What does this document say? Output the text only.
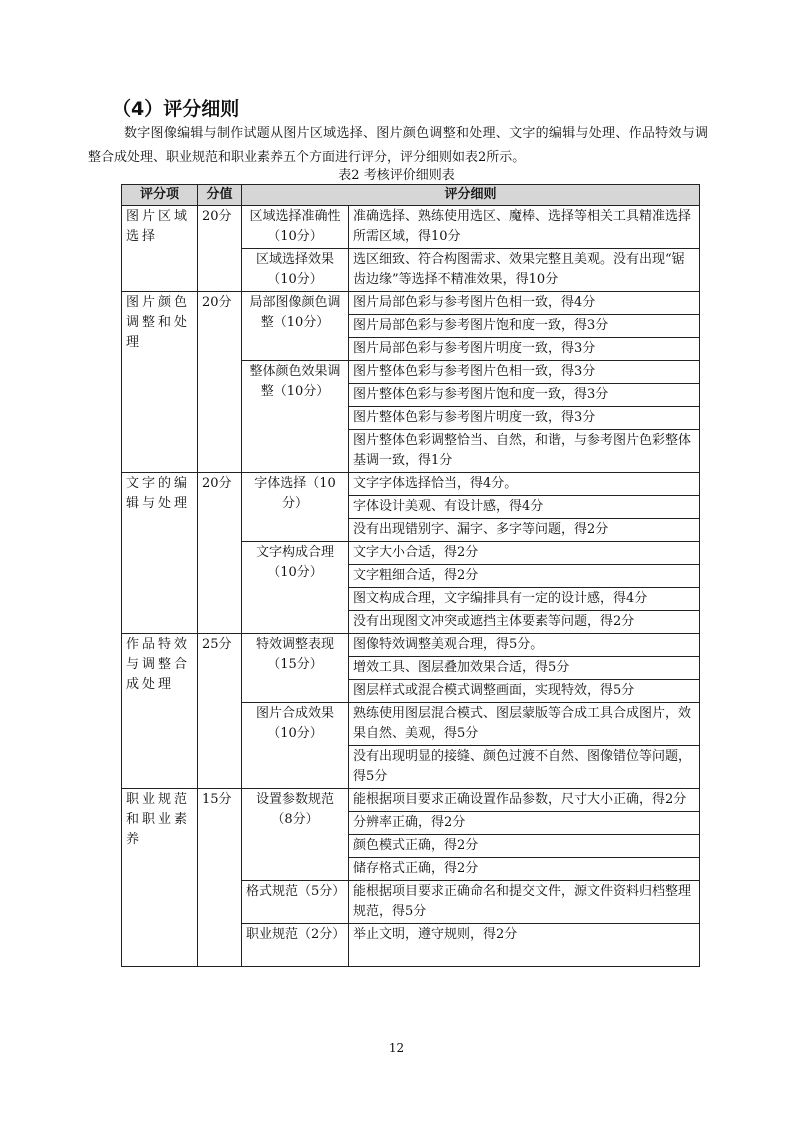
（4）评分细则
数字图像编辑与制作试题从图片区域选择、图片颜色调整和处理、文字的编辑与处理、作品特效与调整合成处理、职业规范和职业素养五个方面进行评分，评分细则如表2所示。
表2 考核评价细则表
评分项	分值	评分细则	
图片区域选择	20分	区域选择准确性（10分）	准确选择、熟练使用选区、魔棒、选择等相关工具精准选择所需区域，得10分
		区域选择效果（10分）	选区细致、符合构图需求、效果完整且美观。没有出现“锯齿边缘”等选择不精准效果，得10分
图片颜色调整和处理	20分	局部图像颜色调整（10分）	图片局部色彩与参考图片色相一致，得4分
			图片局部色彩与参考图片饱和度一致，得3分
			图片局部色彩与参考图片明度一致，得3分
		整体颜色效果调整（10分）	图片整体色彩与参考图片色相一致，得3分
			图片整体色彩与参考图片饱和度一致，得3分
			图片整体色彩与参考图片明度一致，得3分
			图片整体色彩调整恰当、自然，和谐，与参考图片色彩整体基调一致，得1分
文字的编辑与处理	20分	字体选择（10分）	文字字体选择恰当，得4分。
			字体设计美观、有设计感，得4分
			没有出现错别字、漏字、多字等问题，得2分
		文字构成合理（10分）	文字大小合适，得2分
			文字粗细合适，得2分
			图文构成合理，文字编排具有一定的设计感，得4分
			没有出现图文冲突或遮挡主体要素等问题，得2分
作品特效与调整合成处理	25分	特效调整表现（15分）	图像特效调整美观合理，得5分。
			增效工具、图层叠加效果合适，得5分
			图层样式或混合模式调整画面，实现特效，得5分
		图片合成效果（10分）	熟练使用图层混合模式、图层蒙版等合成工具合成图片，效果自然、美观，得5分
			没有出现明显的接缝、颜色过渡不自然、图像错位等问题，得5分
职业规范和职业素养	15分	设置参数规范（8分）	能根据项目要求正确设置作品参数，尺寸大小正确，得2分
			分辨率正确，得2分
			颜色模式正确，得2分
			储存格式正确，得2分
		格式规范（5分）	能根据项目要求正确命名和提交文件，源文件资料归档整理规范，得5分
		职业规范（2分）	举止文明，遵守规则，得2分
12
